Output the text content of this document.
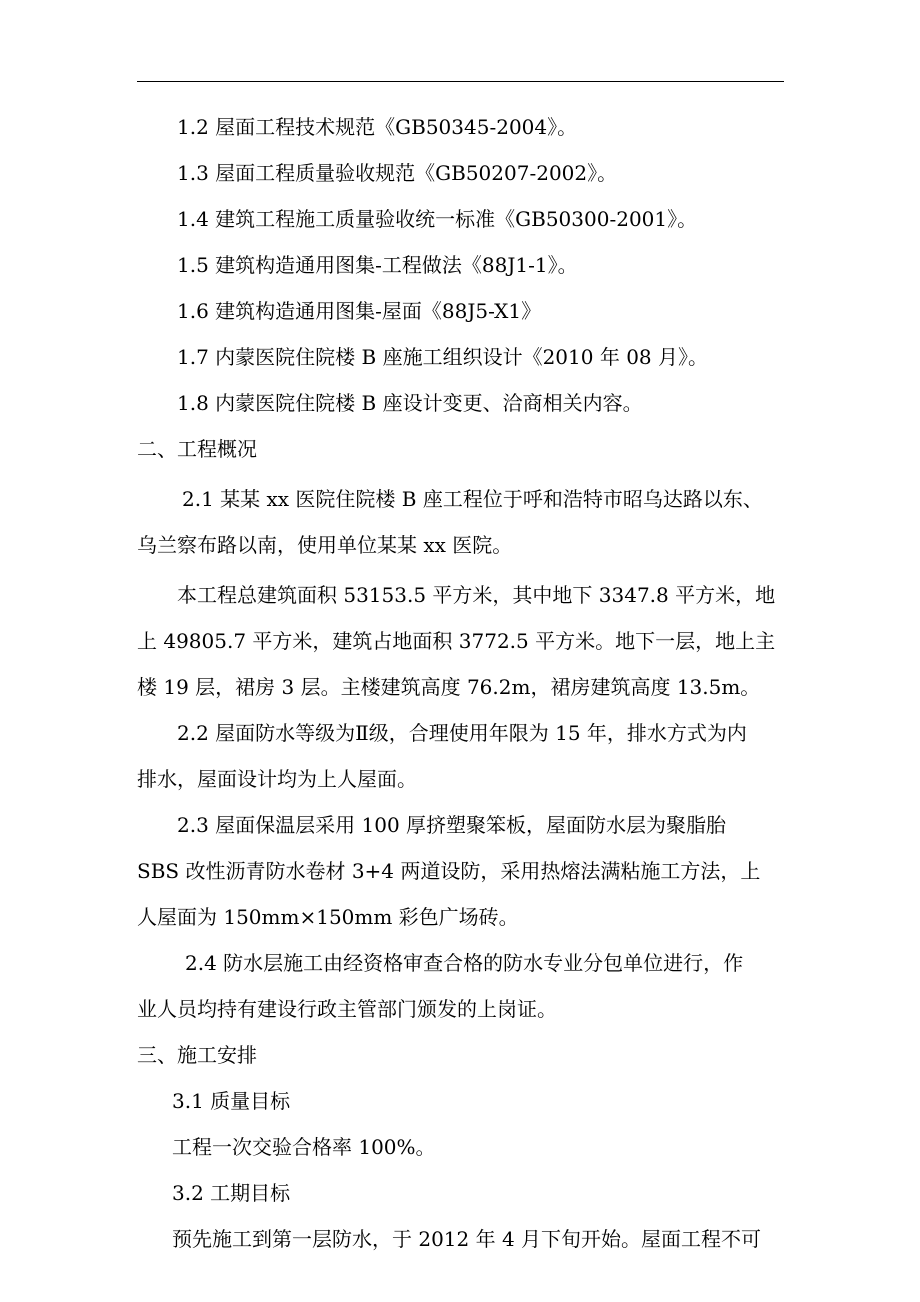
1.2 屋面工程技术规范《GB50345-2004》。
1.3 屋面工程质量验收规范《GB50207-2002》。
1.4 建筑工程施工质量验收统一标准《GB50300-2001》。
1.5 建筑构造通用图集-工程做法《88J1-1》。
1.6 建筑构造通用图集-屋面《88J5-X1》
1.7 内蒙医院住院楼 B 座施工组织设计《2010 年 08 月》。
1.8 内蒙医院住院楼 B 座设计变更、洽商相关内容。
二、工程概况
2.1 某某 xx 医院住院楼 B 座工程位于呼和浩特市昭乌达路以东、
乌兰察布路以南，使用单位某某 xx 医院。
本工程总建筑面积 53153.5 平方米，其中地下 3347.8 平方米，地
上 49805.7 平方米，建筑占地面积 3772.5 平方米。地下一层，地上主
楼 19 层，裙房 3 层。主楼建筑高度 76.2m，裙房建筑高度 13.5m。
2.2 屋面防水等级为Ⅱ级，合理使用年限为 15 年，排水方式为内
排水，屋面设计均为上人屋面。
2.3 屋面保温层采用 100 厚挤塑聚笨板，屋面防水层为聚脂胎
SBS 改性沥青防水卷材 3+4 两道设防，采用热熔法满粘施工方法，上
人屋面为 150mm×150mm 彩色广场砖。
2.4 防水层施工由经资格审查合格的防水专业分包单位进行，作
业人员均持有建设行政主管部门颁发的上岗证。
三、施工安排
3.1 质量目标
工程一次交验合格率 100%。
3.2 工期目标
预先施工到第一层防水，于 2012 年 4 月下旬开始。屋面工程不可
